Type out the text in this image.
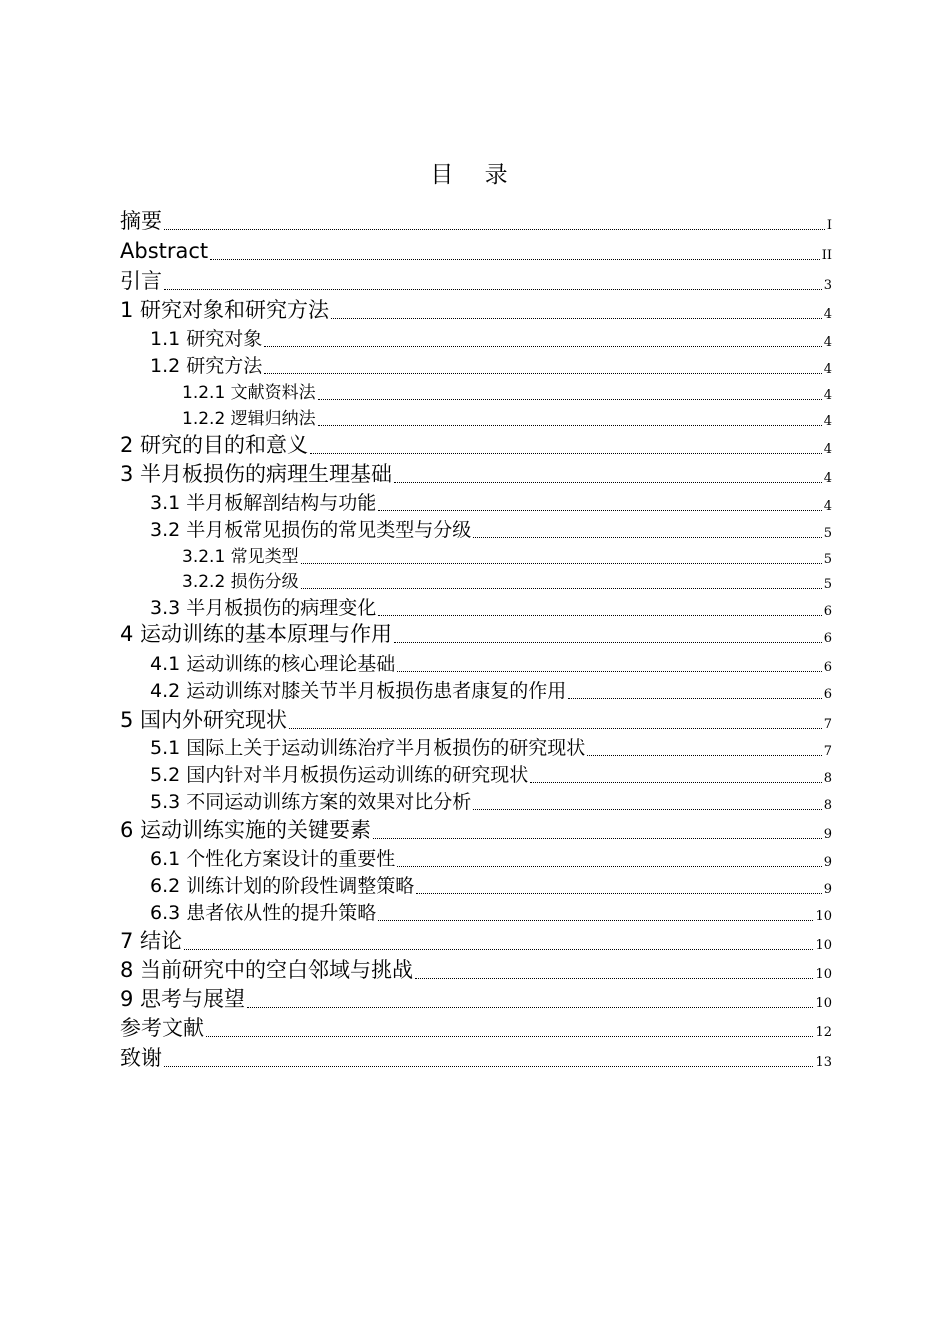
目 录
摘要	I
Abstract	II
引言	3
1 研究对象和研究方法	4
1.1 研究对象	4
1.2 研究方法	4
1.2.1 文献资料法	4
1.2.2 逻辑归纳法	4
2 研究的目的和意义	4
3 半月板损伤的病理生理基础	4
3.1 半月板解剖结构与功能	4
3.2 半月板常见损伤的常见类型与分级	5
3.2.1 常见类型	5
3.2.2 损伤分级	5
3.3 半月板损伤的病理变化	6
4 运动训练的基本原理与作用	6
4.1 运动训练的核心理论基础	6
4.2 运动训练对膝关节半月板损伤患者康复的作用	6
5 国内外研究现状	7
5.1 国际上关于运动训练治疗半月板损伤的研究现状	7
5.2 国内针对半月板损伤运动训练的研究现状	8
5.3 不同运动训练方案的效果对比分析	8
6 运动训练实施的关键要素	9
6.1 个性化方案设计的重要性	9
6.2 训练计划的阶段性调整策略	9
6.3 患者依从性的提升策略	10
7 结论	10
8 当前研究中的空白邻域与挑战	10
9 思考与展望	10
参考文献	12
致谢	13
